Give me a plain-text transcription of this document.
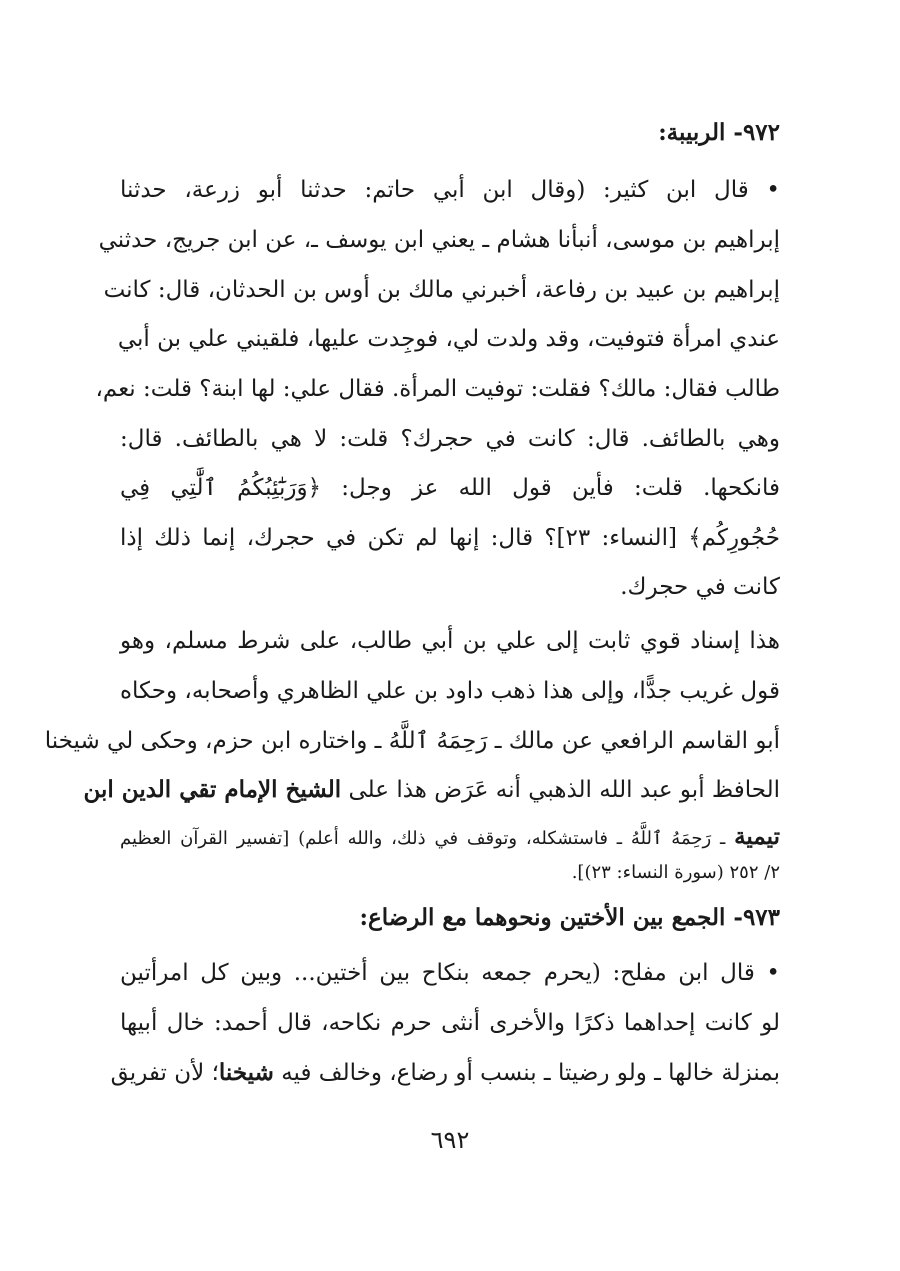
٩٧٢- الربيبة:
• قال ابن كثير: (وقال ابن أبي حاتم: حدثنا أبو زرعة، حدثنا
إبراهيم بن موسى، أنبأنا هشام ـ يعني ابن يوسف ـ، عن ابن جريج، حدثني
إبراهيم بن عبيد بن رفاعة، أخبرني مالك بن أوس بن الحدثان، قال: كانت
عندي امرأة فتوفيت، وقد ولدت لي، فوجِدت عليها، فلقيني علي بن أبي
طالب فقال: مالك؟ فقلت: توفيت المرأة. فقال علي: لها ابنة؟ قلت: نعم،
وهي بالطائف. قال: كانت في حجرك؟ قلت: لا هي بالطائف. قال:
فانكحها. قلت: فأين قول الله عز وجل: ﴿وَرَبَٰٓئِبُكُمُ ٱلَّٰتِي فِي
حُجُورِكُم﴾ [النساء: ٢٣]؟ قال: إنها لم تكن في حجرك، إنما ذلك إذا
كانت في حجرك.
هذا إسناد قوي ثابت إلى علي بن أبي طالب، على شرط مسلم، وهو
قول غريب جدًّا، وإلى هذا ذهب داود بن علي الظاهري وأصحابه، وحكاه
أبو القاسم الرافعي عن مالك ـ رَحِمَهُ ٱللَّهُ ـ واختاره ابن حزم، وحكى لي شيخنا
الحافظ أبو عبد الله الذهبي أنه عَرَض هذا على الشيخ الإمام تقي الدين ابن
تيمية ـ رَحِمَهُ ٱللَّهُ ـ فاستشكله، وتوقف في ذلك، والله أعلم) [تفسير القرآن العظيم
٢/ ٢٥٢ (سورة النساء: ٢٣)].
٩٧٣- الجمع بين الأختين ونحوهما مع الرضاع:
• قال ابن مفلح: (يحرم جمعه بنكاح بين أختين... وبين كل امرأتين
لو كانت إحداهما ذكرًا والأخرى أنثى حرم نكاحه، قال أحمد: خال أبيها
بمنزلة خالها ـ ولو رضيتا ـ بنسب أو رضاع، وخالف فيه شيخنا؛ لأن تفريق
٦٩٢
